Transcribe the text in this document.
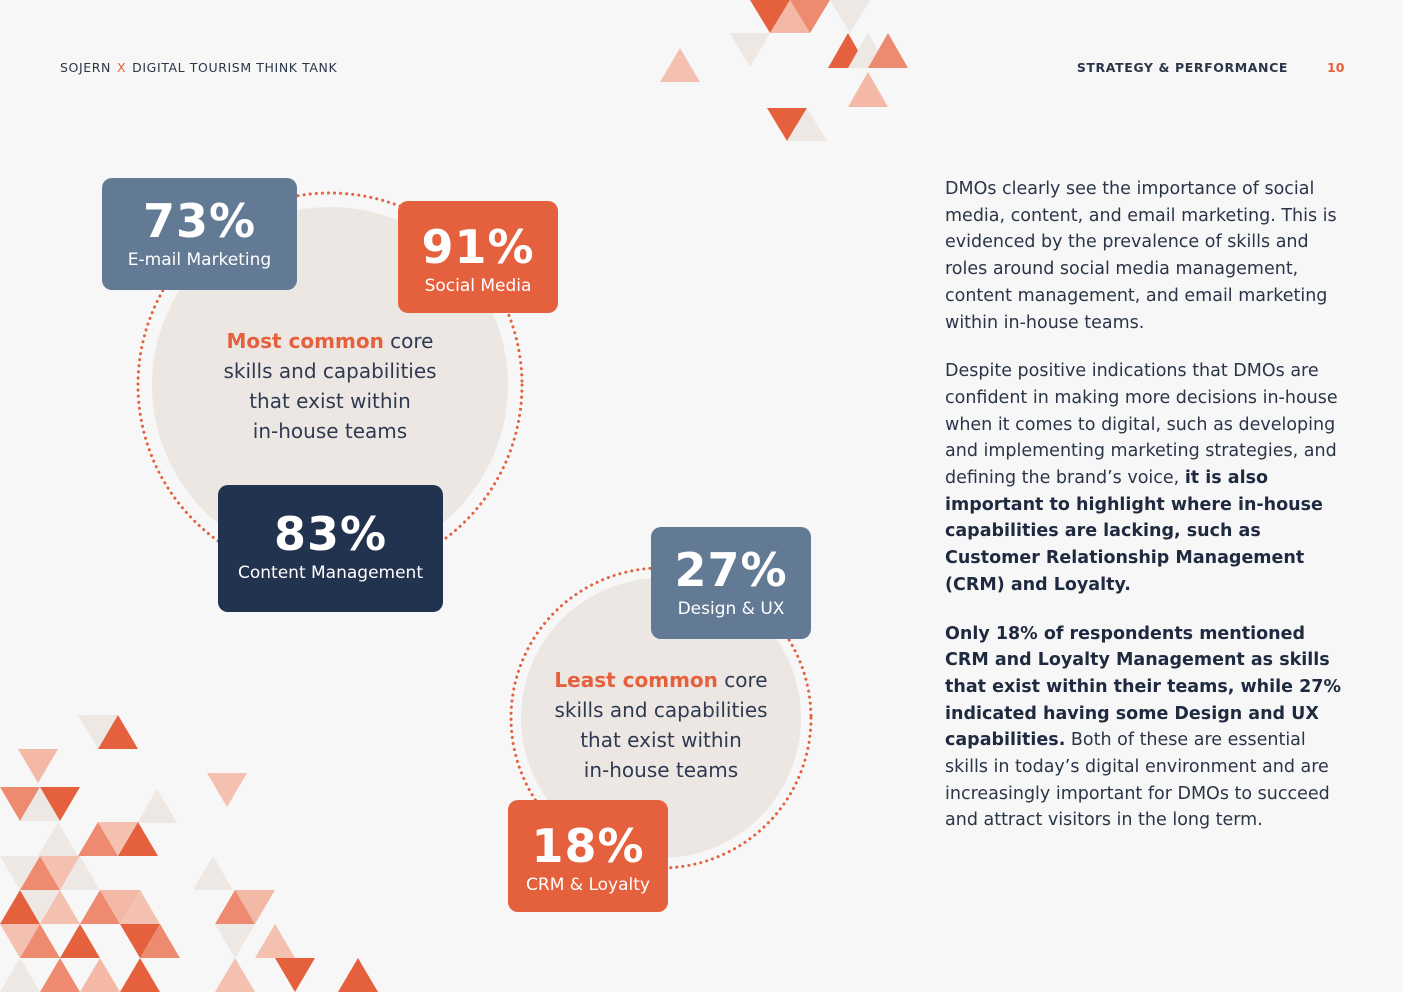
SOJERN X DIGITAL TOURISM THINK TANK	STRATEGY & PERFORMANCE	10
Most common core
skills and capabilities
that exist within
in-house teams
73%
E-mail Marketing	91%
Social Media
83%
Content Management
Least common core
skills and capabilities
that exist within
in-house teams
27%
Design & UX
18%
CRM & Loyalty

DMOs clearly see the importance of social media, content, and email marketing. This is evidenced by the prevalence of skills and roles around social media management, content management, and email marketing within in-house teams.

Despite positive indications that DMOs are confident in making more decisions in-house when it comes to digital, such as developing and implementing marketing strategies, and defining the brand’s voice, it is also important to highlight where in-house capabilities are lacking, such as Customer Relationship Management (CRM) and Loyalty.

Only 18% of respondents mentioned CRM and Loyalty Management as skills that exist within their teams, while 27% indicated having some Design and UX capabilities. Both of these are essential skills in today’s digital environment and are increasingly important for DMOs to succeed and attract visitors in the long term.
